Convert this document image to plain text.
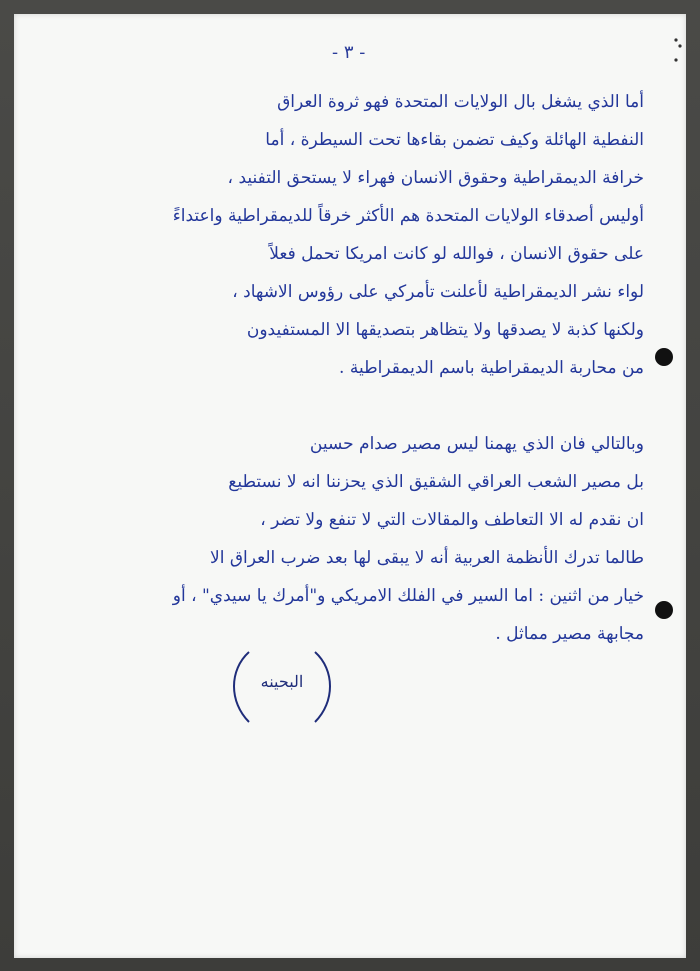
- ٣ -
أما الذي يشغل بال الولايات المتحدة فهو ثروة العراق
النفطية الهائلة وكيف تضمن بقاءها تحت السيطرة ، أما
خرافة الديمقراطية وحقوق الانسان فهراء لا يستحق التفنيد ،
أوليس أصدقاء الولايات المتحدة هم الأكثر خرقاً للديمقراطية واعتداءً
على حقوق الانسان ، فوالله لو كانت امريكا تحمل فعلاً
لواء نشر الديمقراطية لأعلنت تأمركي على رؤوس الاشهاد ،
ولكنها كذبة لا يصدقها ولا يتظاهر بتصديقها الا المستفيدون
من محاربة الديمقراطية باسم الديمقراطية .
وبالتالي فان الذي يهمنا ليس مصير صدام حسين
بل مصير الشعب العراقي الشقيق الذي يحزننا انه لا نستطيع
ان نقدم له الا التعاطف والمقالات التي لا تنفع ولا تضر ،
طالما تدرك الأنظمة العربية أنه لا يبقى لها بعد ضرب العراق الا
خيار من اثنين : اما السير في الفلك الامريكي و"أمرك يا سيدي" ، أو
مجابهة مصير مماثل .
البحينه
